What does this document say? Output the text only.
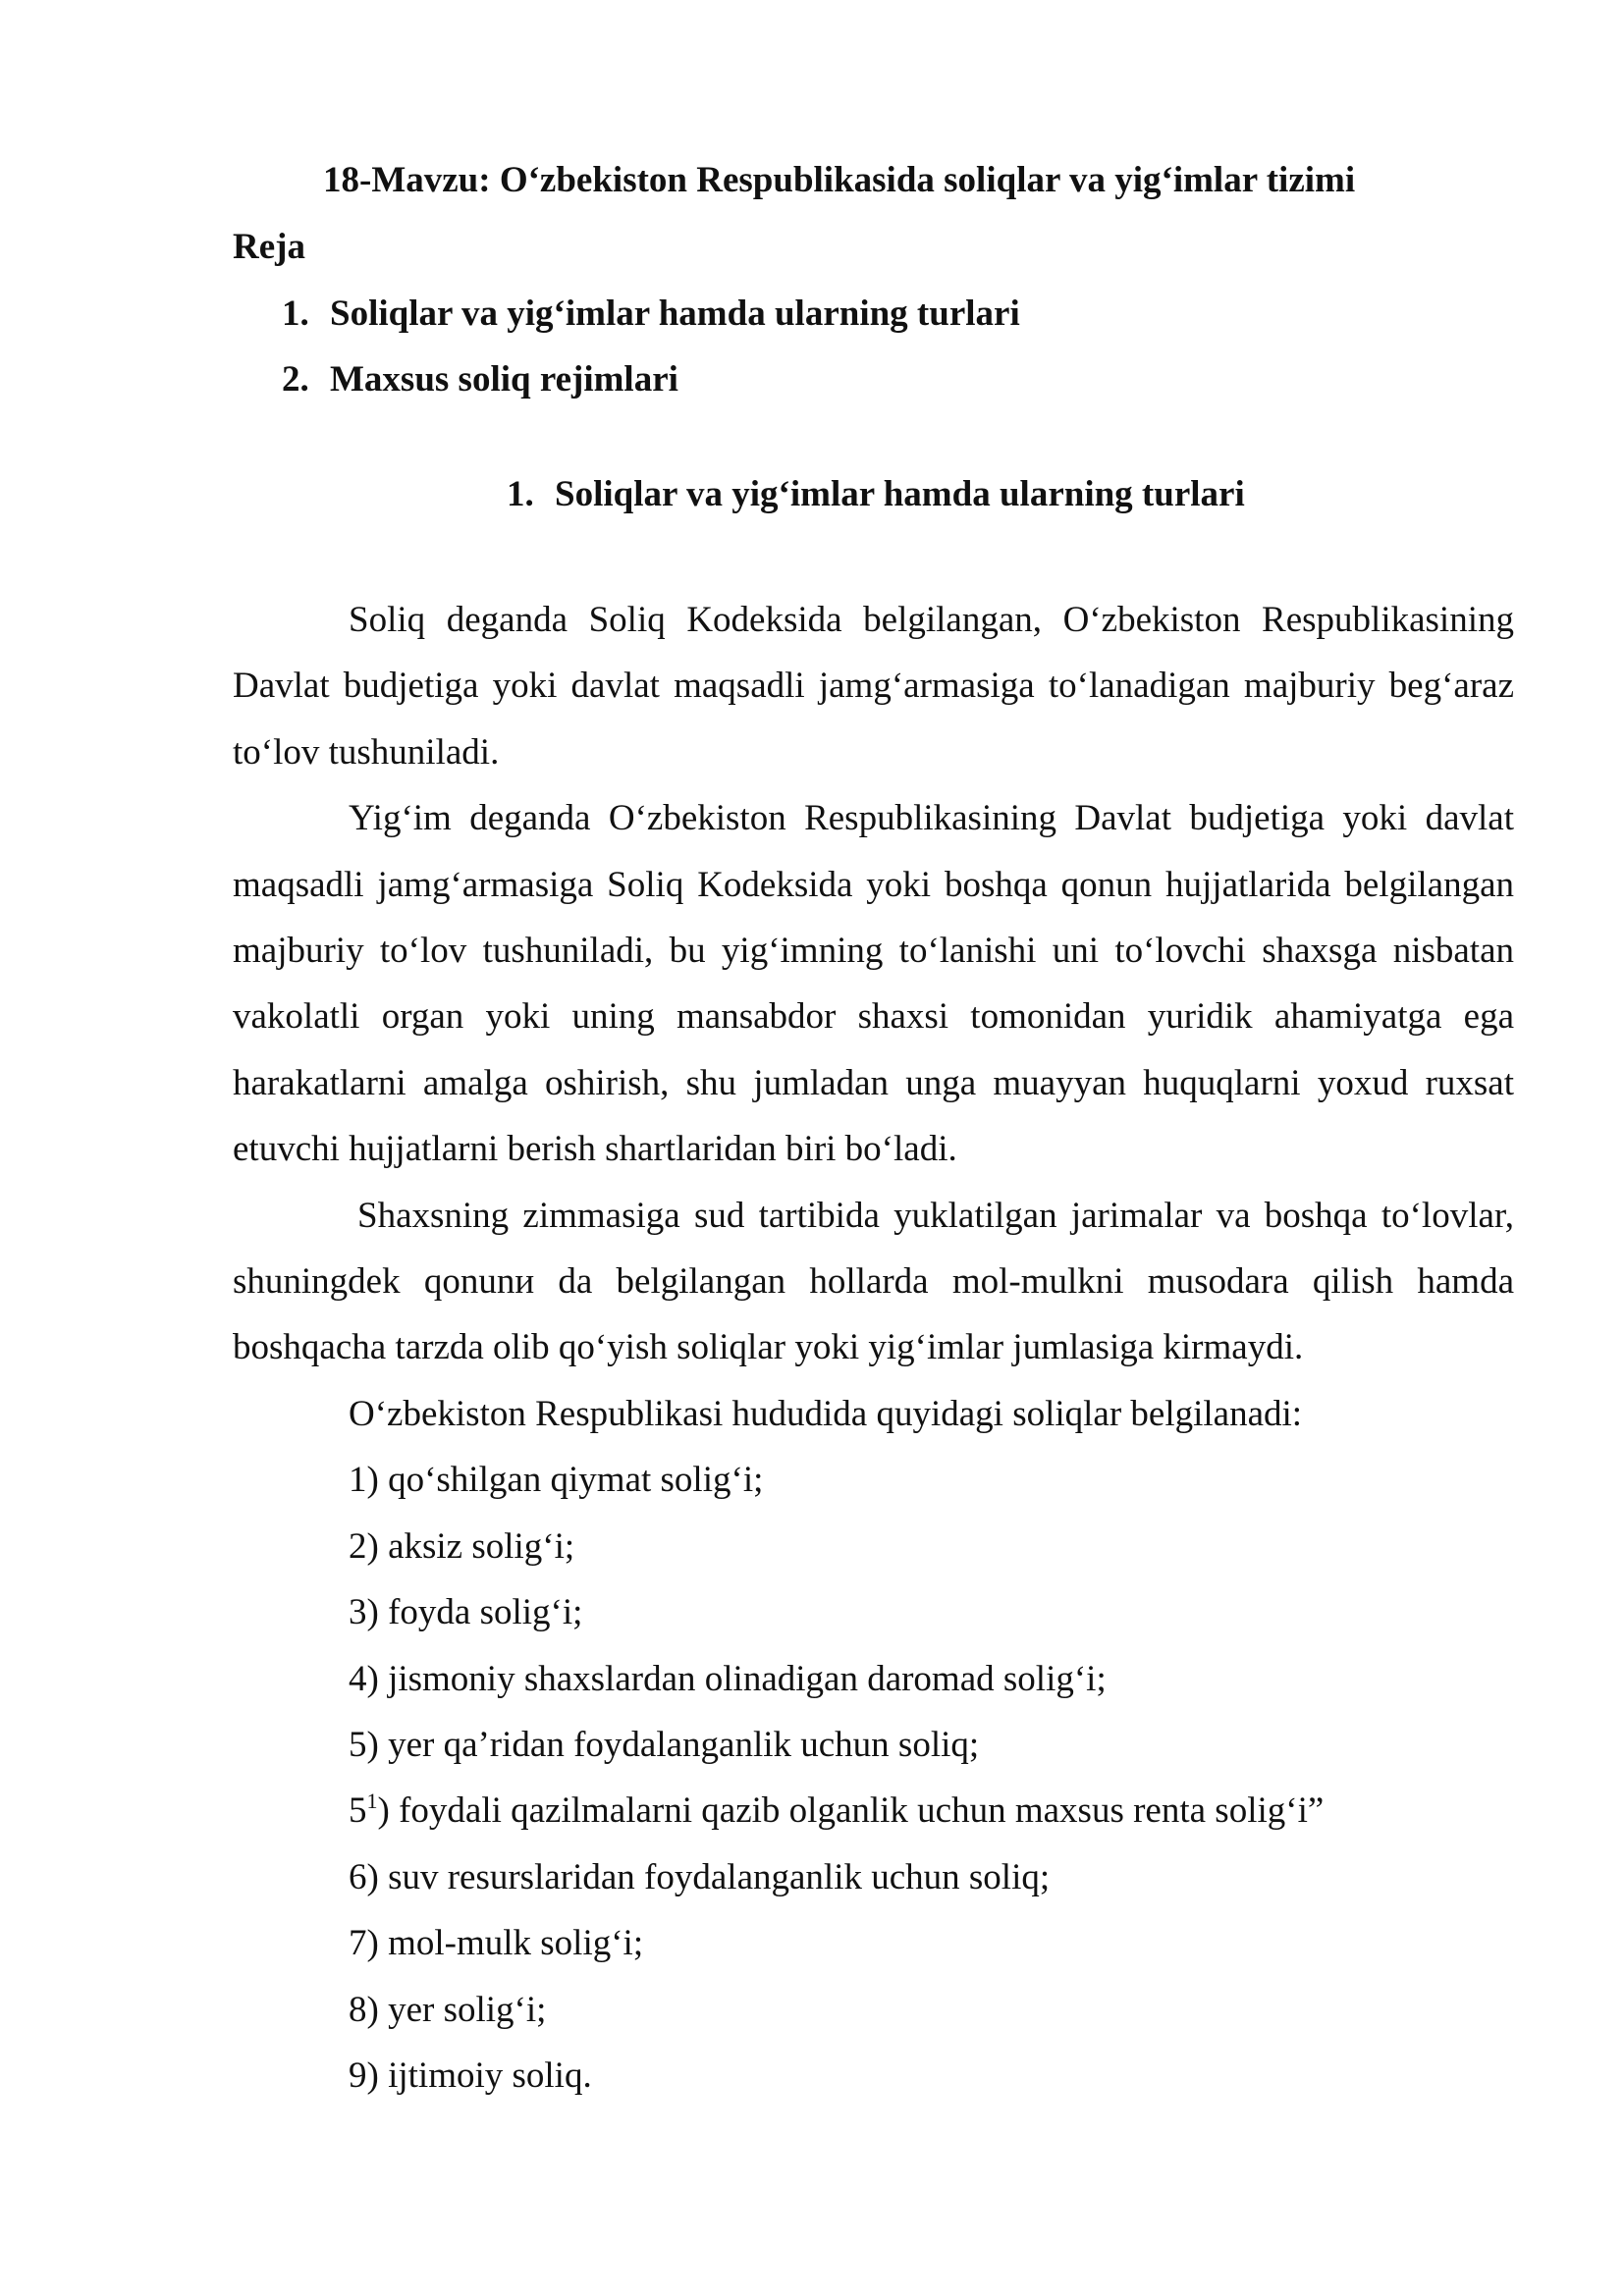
18-Mavzu: O‘zbekiston Respublikasida soliqlar va yig‘imlar tizimi

Reja

1. Soliqlar va yig‘imlar hamda ularning turlari
2. Maxsus soliq rejimlari
1. Soliqlar va yig‘imlar hamda ularning turlari

Soliq deganda Soliq Kodeksida belgilangan, O‘zbekiston Respublikasining Davlat budjetiga yoki davlat maqsadli jamg‘armasiga to‘lanadigan majburiy beg‘araz to‘lov tushuniladi.

Yig‘im deganda O‘zbekiston Respublikasining Davlat budjetiga yoki davlat maqsadli jamg‘armasiga Soliq Kodeksida yoki boshqa qonun hujjatlarida belgilangan majburiy to‘lov tushuniladi, bu yig‘imning to‘lanishi uni to‘lovchi shaxsga nisbatan vakolatli organ yoki uning mansabdor shaxsi tomonidan yuridik ahamiyatga ega harakatlarni amalga oshirish, shu jumladan unga muayyan huquqlarni yoxud ruxsat etuvchi hujjatlarni berish shartlaridan biri bo‘ladi.

Shaxsning zimmasiga sud tartibida yuklatilgan jarimalar va boshqa to‘lovlar, shuningdek qonunи da belgilangan hollarda mol-mulkni musodara qilish hamda boshqacha tarzda olib qo‘yish soliqlar yoki yig‘imlar jumlasiga kirmaydi.

O‘zbekiston Respublikasi hududida quyidagi soliqlar belgilanadi:

1) qo‘shilgan qiymat solig‘i;
2) aksiz solig‘i;
3) foyda solig‘i;
4) jismoniy shaxslardan olinadigan daromad solig‘i;
5) yer qa’ridan foydalanganlik uchun soliq;
$5^1$) foydali qazilmalarni qazib olganlik uchun maxsus renta solig‘i”
6) suv resurslaridan foydalanganlik uchun soliq;
7) mol-mulk solig‘i;
8) yer solig‘i;
9) ijtimoiy soliq.
